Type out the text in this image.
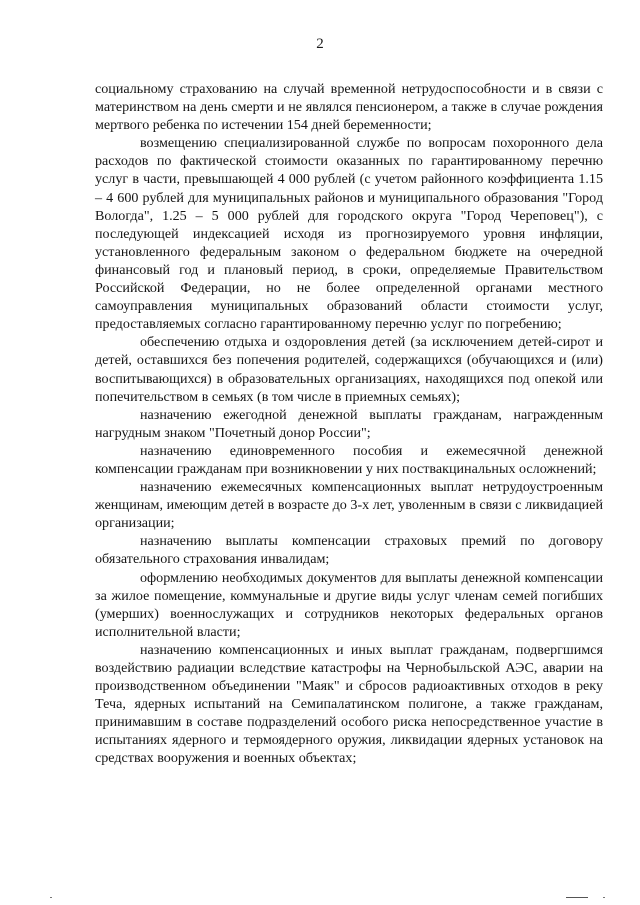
2

социальному страхованию на случай временной нетрудоспособности и в связи с материнством на день смерти и не являлся пенсионером, а также в случае рождения мертвого ребенка по истечении 154 дней беременности;

возмещению специализированной службе по вопросам похоронного дела расходов по фактической стоимости оказанных по гарантированному перечню услуг в части, превышающей 4 000 рублей (с учетом районного коэффициента 1.15 – 4 600 рублей для муниципальных районов и муниципального образования "Город Вологда", 1.25 – 5 000 рублей для городского округа "Город Череповец"), с последующей индексацией исходя из прогнозируемого уровня инфляции, установленного федеральным законом о федеральном бюджете на очередной финансовый год и плановый период, в сроки, определяемые Правительством Российской Федерации, но не более определенной органами местного самоуправления муниципальных образований области стоимости услуг, предоставляемых согласно гарантированному перечню услуг по погребению;

обеспечению отдыха и оздоровления детей (за исключением детей-сирот и детей, оставшихся без попечения родителей, содержащихся (обучающихся и (или) воспитывающихся) в образовательных организациях, находящихся под опекой или попечительством в семьях (в том числе в приемных семьях);

назначению ежегодной денежной выплаты гражданам, награжденным нагрудным знаком "Почетный донор России";

назначению единовременного пособия и ежемесячной денежной компенсации гражданам при возникновении у них поствакцинальных осложнений;

назначению ежемесячных компенсационных выплат нетрудоустроенным женщинам, имеющим детей в возрасте до 3-х лет, уволенным в связи с ликвидацией организации;

назначению выплаты компенсации страховых премий по договору обязательного страхования инвалидам;

оформлению необходимых документов для выплаты денежной компенсации за жилое помещение, коммунальные и другие виды услуг членам семей погибших (умерших) военнослужащих и сотрудников некоторых федеральных органов исполнительной власти;

назначению компенсационных и иных выплат гражданам, подвергшимся воздействию радиации вследствие катастрофы на Чернобыльской АЭС, аварии на производственном объединении "Маяк" и сбросов радиоактивных отходов в реку Теча, ядерных испытаний на Семипалатинском полигоне, а также гражданам, принимавшим в составе подразделений особого риска непосредственное участие в испытаниях ядерного и термоядерного оружия, ликвидации ядерных установок на средствах вооружения и военных объектах;
